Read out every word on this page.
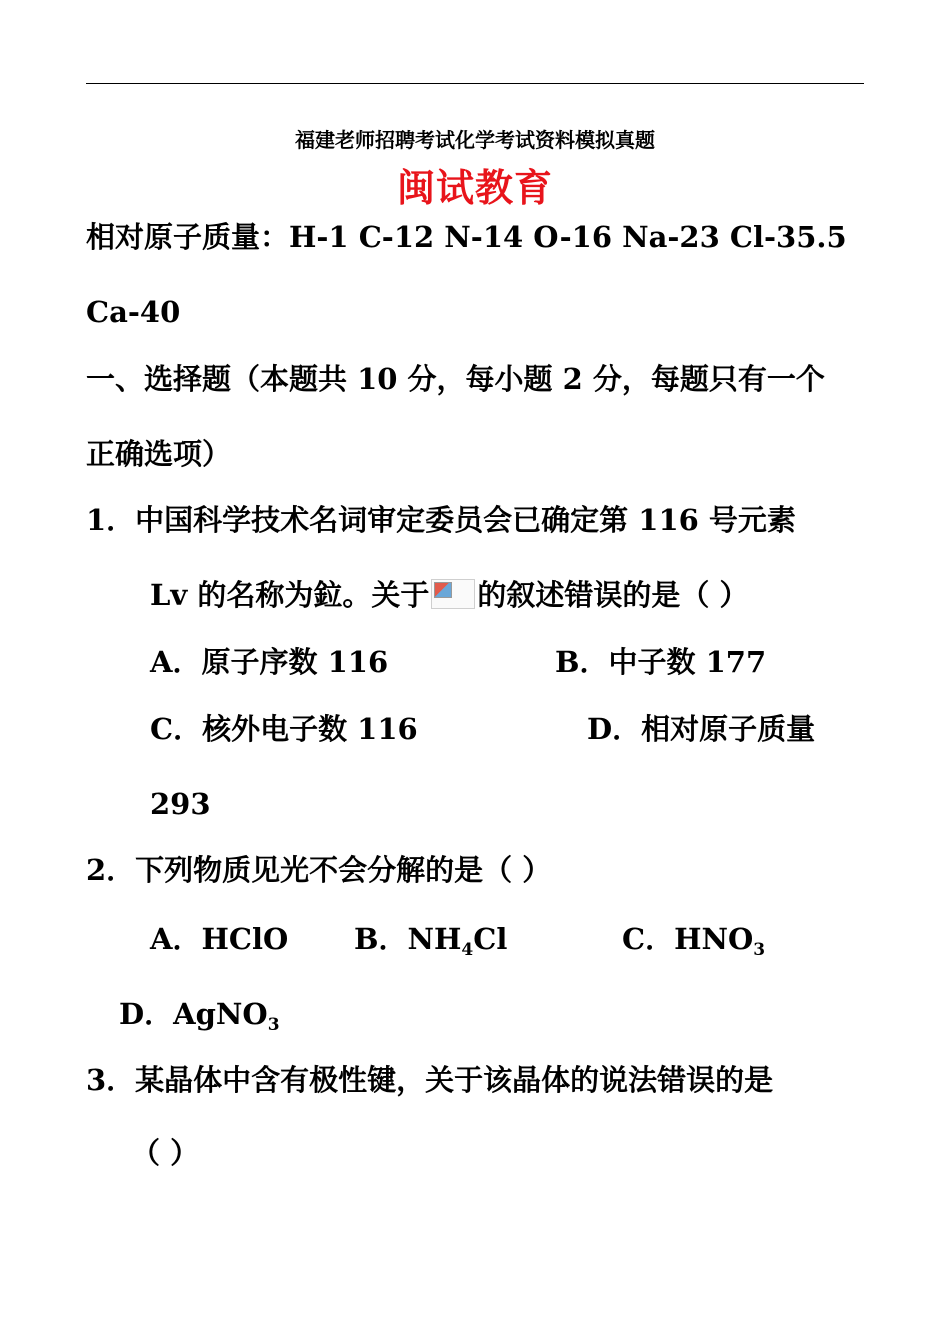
福建老师招聘考试化学考试资料模拟真题
闽试教育
相对原子质量：H-1 C-12 N-14 O-16 Na-23 Cl-35.5
Ca-40
一、选择题（本题共 10 分，每小题 2 分，每题只有一个
正确选项）
1．中国科学技术名词审定委员会已确定第 116 号元素
Lv 的名称为鉝。关于 的叙述错误的是（ ）
A．原子序数 116	B．中子数 177
C．核外电子数 116	D．相对原子质量
293
2．下列物质见光不会分解的是（ ）
A．HClO B．$NH_4Cl$	C．$HNO_3$
D．AgNO$_3$
3．某晶体中含有极性键，关于该晶体的说法错误的是
（ ）
